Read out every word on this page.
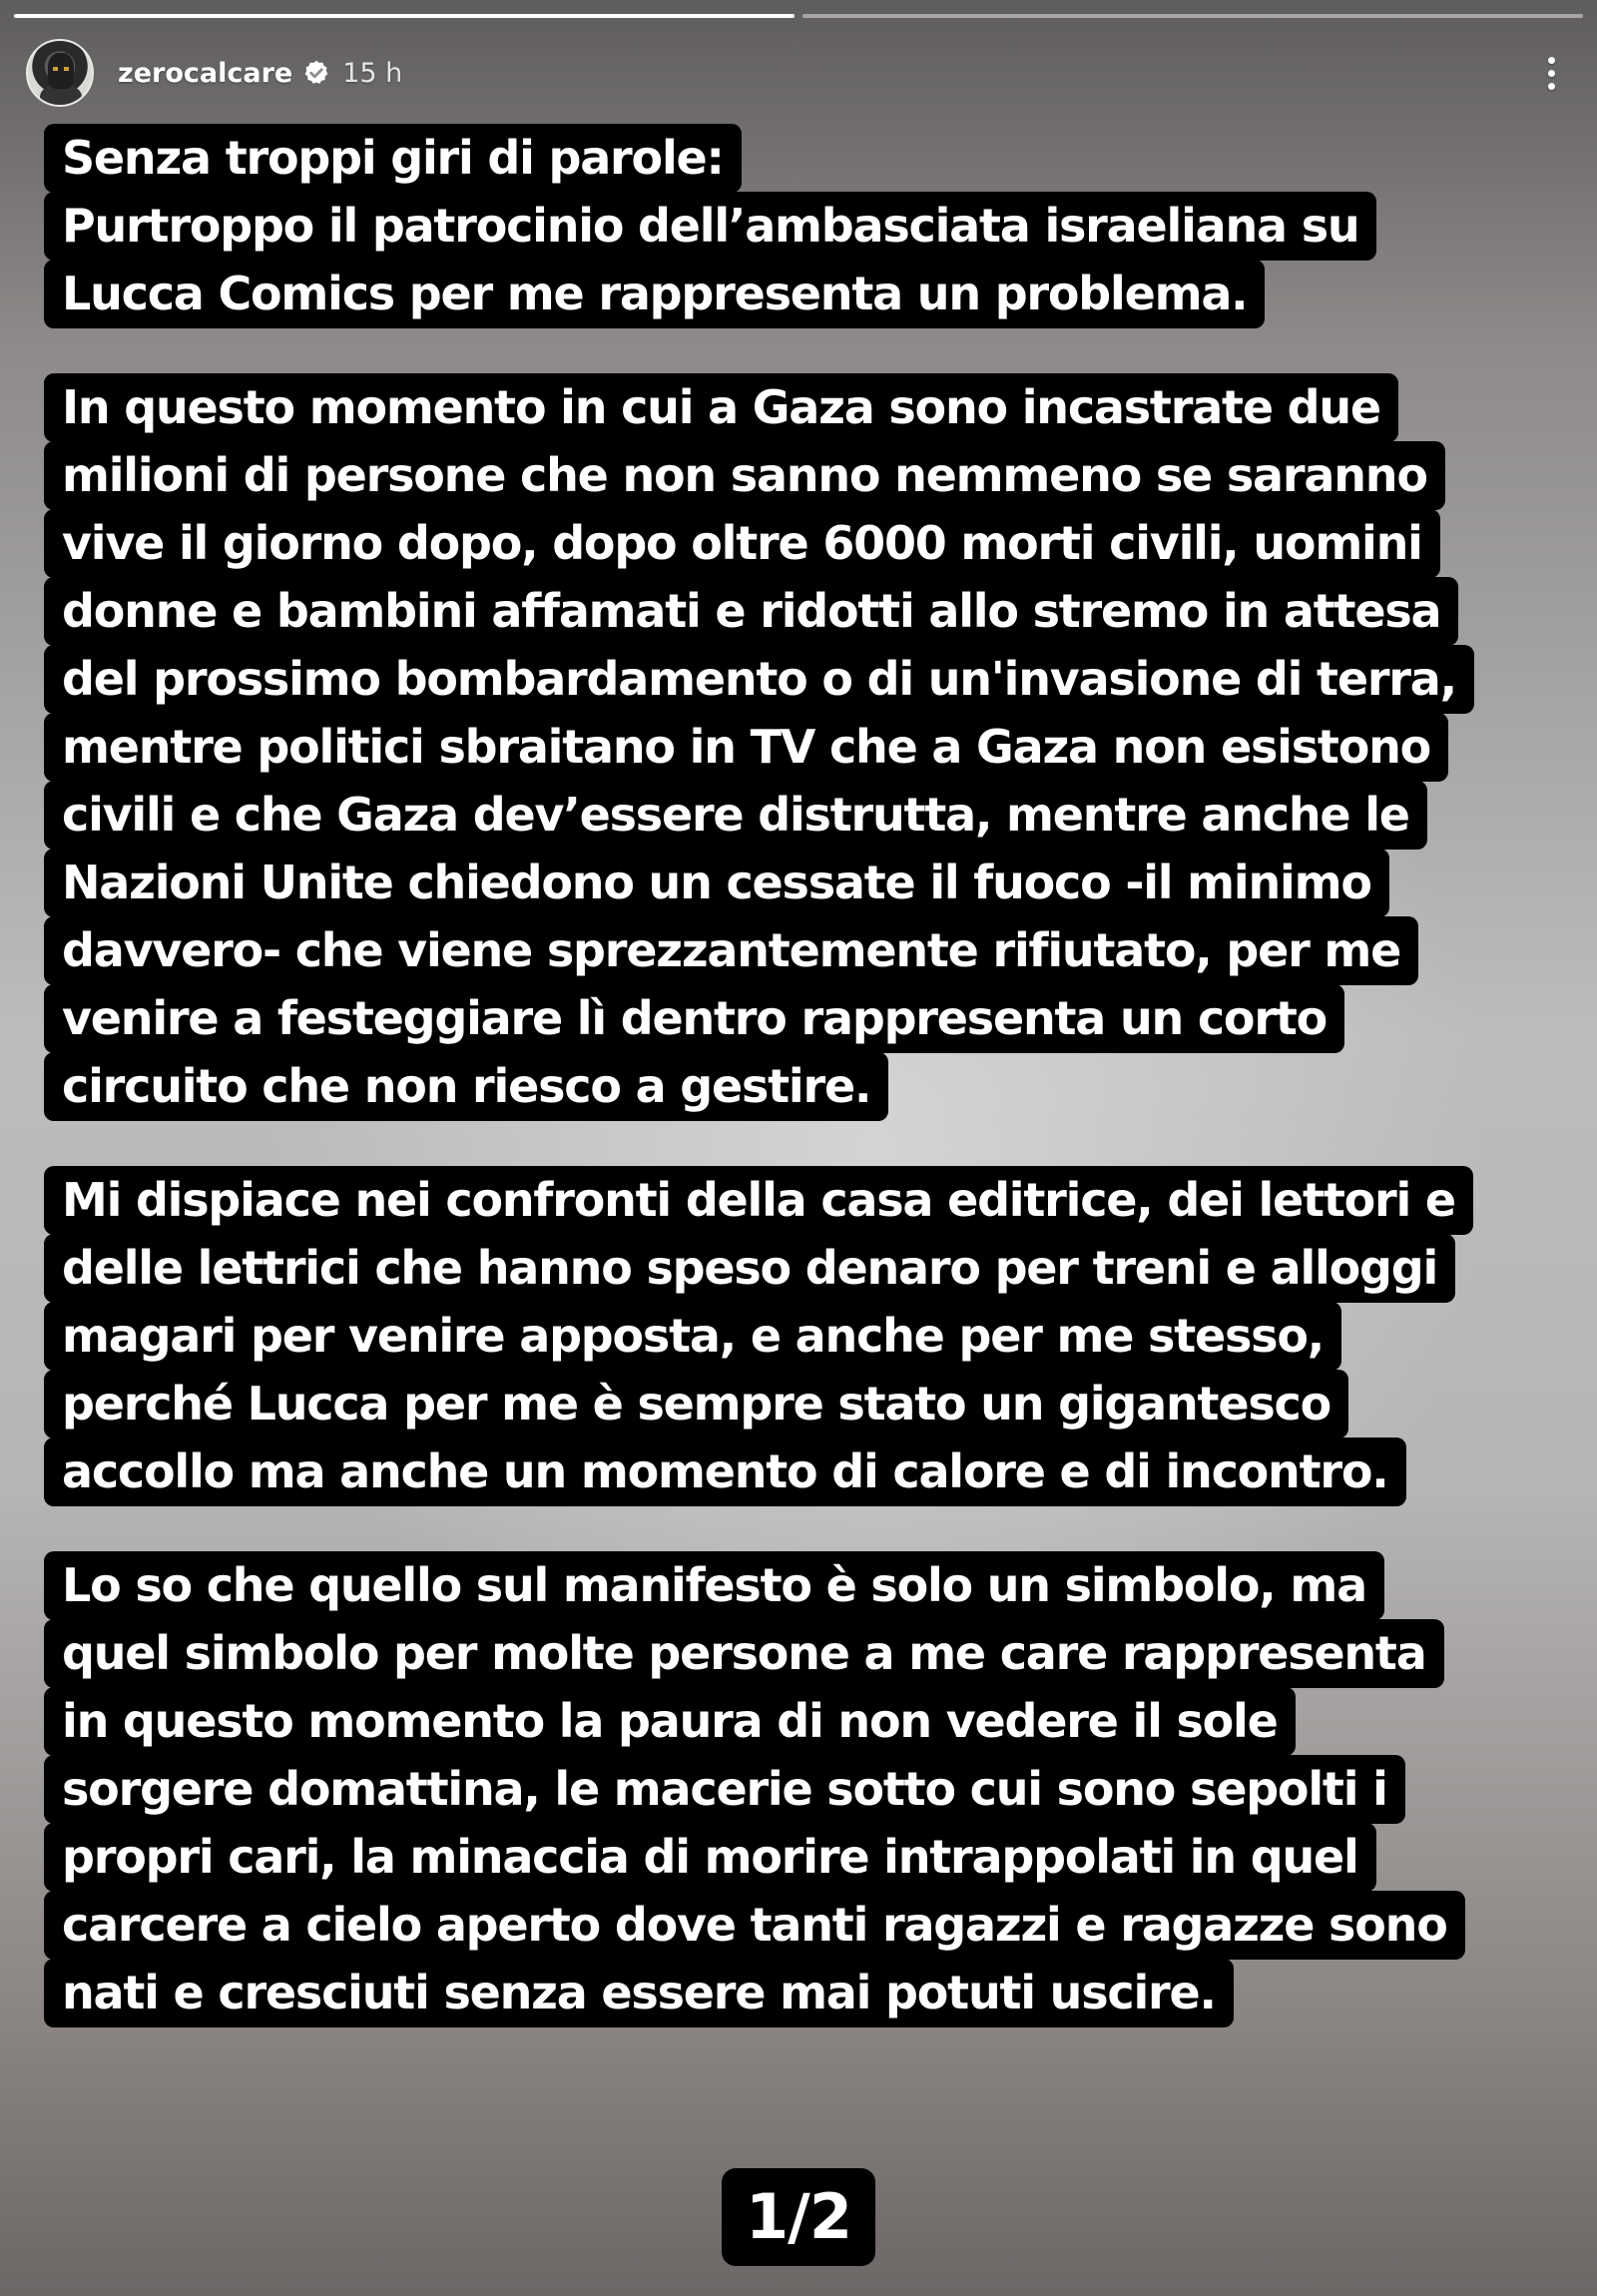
zerocalcare 15 h
Senza troppi giri di parole:
Purtroppo il patrocinio dell’ambasciata israeliana su
Lucca Comics per me rappresenta un problema.
In questo momento in cui a Gaza sono incastrate due
milioni di persone che non sanno nemmeno se saranno
vive il giorno dopo, dopo oltre 6000 morti civili, uomini
donne e bambini affamati e ridotti allo stremo in attesa
del prossimo bombardamento o di un'invasione di terra,
mentre politici sbraitano in TV che a Gaza non esistono
civili e che Gaza dev’essere distrutta, mentre anche le
Nazioni Unite chiedono un cessate il fuoco -il minimo
davvero- che viene sprezzantemente rifiutato, per me
venire a festeggiare lì dentro rappresenta un corto
circuito che non riesco a gestire.
Mi dispiace nei confronti della casa editrice, dei lettori e
delle lettrici che hanno speso denaro per treni e alloggi
magari per venire apposta, e anche per me stesso,
perché Lucca per me è sempre stato un gigantesco
accollo ma anche un momento di calore e di incontro.
Lo so che quello sul manifesto è solo un simbolo, ma
quel simbolo per molte persone a me care rappresenta
in questo momento la paura di non vedere il sole
sorgere domattina, le macerie sotto cui sono sepolti i
propri cari, la minaccia di morire intrappolati in quel
carcere a cielo aperto dove tanti ragazzi e ragazze sono
nati e cresciuti senza essere mai potuti uscire.
1/2
